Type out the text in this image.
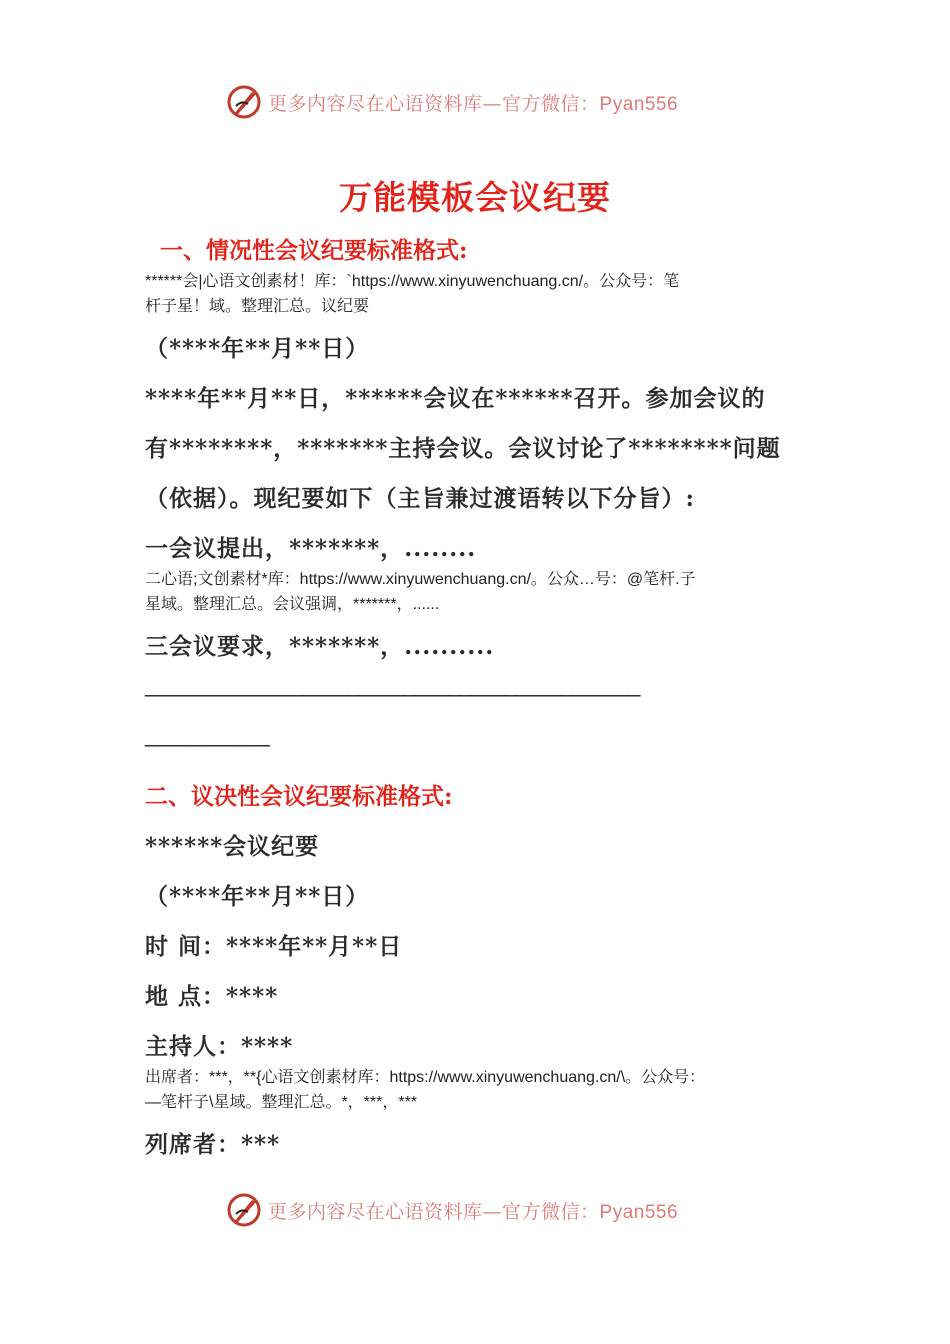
更多内容尽在心语资料库—官方微信：Pyan556
万能模板会议纪要
一、情况性会议纪要标准格式:
******会|心语文创素材！库：`https://www.xinyuwenchuang.cn/。公众号：笔
杆子星！域。整理汇总。议纪要
（****年**月**日）
****年**月**日，******会议在******召开。参加会议的
有********，*******主持会议。会议讨论了********问题
（依据）。现纪要如下（主旨兼过渡语转以下分旨）:
一会议提出，*******，........
二心语;文创素材*库：https://www.xinyuwenchuang.cn/。公众…号：@笔杆.子
星域。整理汇总。会议强调，*******，......
三会议要求，*******，..........
____________________________________________
___________
二、议决性会议纪要标准格式:
******会议纪要
（****年**月**日）
时 间：****年**月**日
地 点：****
主持人：****
出席者：***，**{心语文创素材库：https://www.xinyuwenchuang.cn/\。公众号：
—笔杆子\星域。整理汇总。*，***，***
列席者：***
更多内容尽在心语资料库—官方微信：Pyan556
